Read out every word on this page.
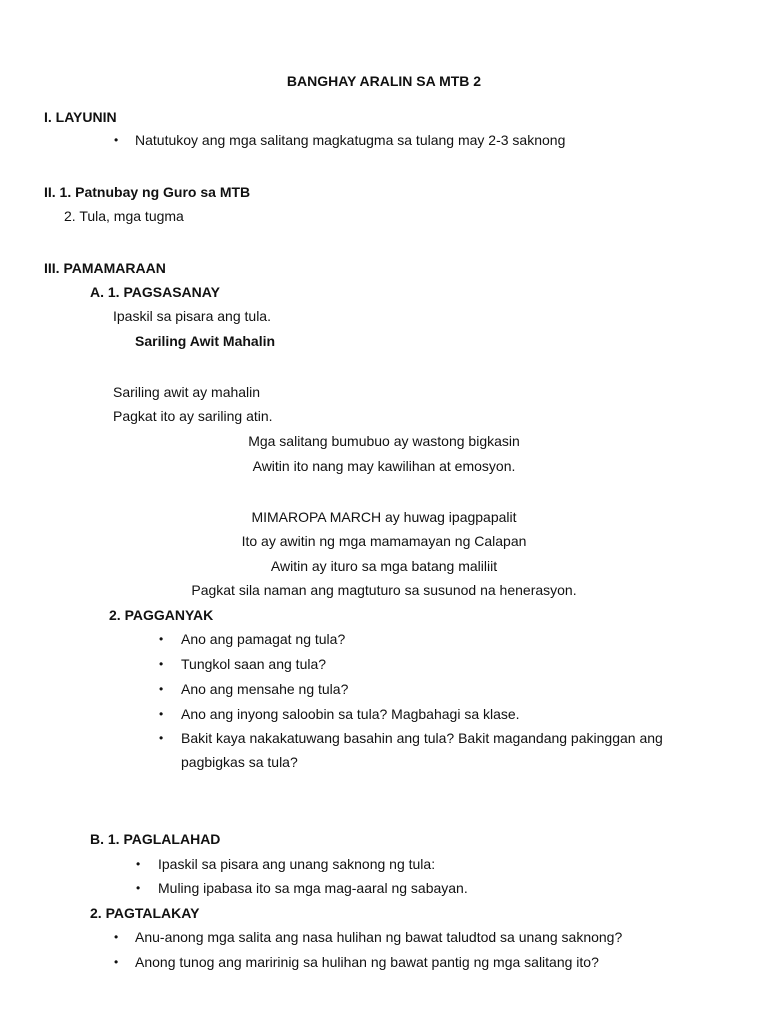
BANGHAY ARALIN SA MTB 2
I. LAYUNIN
• Natutukoy ang mga salitang magkatugma sa tulang may 2-3 saknong
II. 1. Patnubay ng Guro sa MTB
2. Tula, mga tugma
III. PAMAMARAAN
A. 1. PAGSASANAY
Ipaskil sa pisara ang tula.
Sariling Awit Mahalin
Sariling awit ay mahalin
Pagkat ito ay sariling atin.
Mga salitang bumubuo ay wastong bigkasin
Awitin ito nang may kawilihan at emosyon.
MIMAROPA MARCH ay huwag ipagpapalit
Ito ay awitin ng mga mamamayan ng Calapan
Awitin ay ituro sa mga batang maliliit
Pagkat sila naman ang magtuturo sa susunod na henerasyon.
2. PAGGANYAK
• Ano ang pamagat ng tula?
• Tungkol saan ang tula?
• Ano ang mensahe ng tula?
• Ano ang inyong saloobin sa tula? Magbahagi sa klase.
• Bakit kaya nakakatuwang basahin ang tula? Bakit magandang pakinggan ang pagbigkas sa tula?
B. 1. PAGLALAHAD
• Ipaskil sa pisara ang unang saknong ng tula:
• Muling ipabasa ito sa mga mag-aaral ng sabayan.
2. PAGTALAKAY
• Anu-anong mga salita ang nasa hulihan ng bawat taludtod sa unang saknong?
• Anong tunog ang maririnig sa hulihan ng bawat pantig ng mga salitang ito?
